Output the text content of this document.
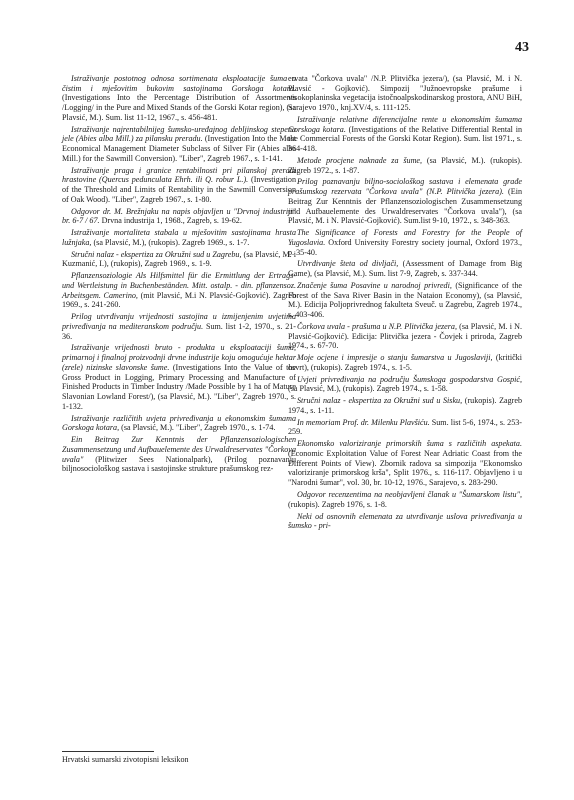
43

Istraživanje postotnog odnosa sortimenata eksploatacije šuma u čistim i mješovitim bukovim sastojinama Gorskoga kotara. (Investigations Into the Percentage Distribution of Assortments /Logging/ in the Pure and Mixed Stands of the Gorski Kotar region), (sa Plavsić, M.). Sum. list 11-12, 1967., s. 456-481.

Istraživanje najrentabilnijeg šumsko-uređajnog debljinskog stepena jele (Abies alba Mill.) za pilansku preradu. (Investigation Into the Most Economical Management Diameter Subclass of Silver Fir (Abies alba Mill.) for the Sawmill Conversion). "Liber", Zagreb 1967., s. 1-141.

Istraživanje praga i granice rentabilnosti pri pilanskoj preradi hrastovine (Quercus pedunculata Ehrh. ili Q. robur L.). (Investigation of the Threshold and Limits of Rentability in the Sawmill Conversion of Oak Wood). "Liber", Zagreb 1967., s. 1-80.

Odgovor dr. M. Brežnjaku na napis objavljen u "Drvnoj industriji" br. 6-7 / 67. Drvna industrija 1, 1968., Zagreb, s. 19-62.

Istraživanje mortaliteta stabala u mješovitim sastojinama hrasta lužnjaka, (sa Plavsić, M.), (rukopis). Zagreb 1969., s. 1-7.

Stručni nalaz - ekspertiza za Okružni sud u Zagrebu, (sa Plavsić, M. i Kuzmanić, I.), (rukopis), Zagreb 1969., s. 1-9.

Pflanzensoziologie Als Hilfsmittel für die Ermittlung der Ertrags- und Wertleistung in Buchenbeständen. Mitt. ostalp. - din. pflanzensoz. Arbeitsgem. Camerino, (mit Plavsić, M.i N. Plavsić-Gojković). Zagreb 1969., s. 241-260.

Prilog utvrđivanju vrijednosti sastojina u izmijenjenim uvjetima privređivanja na mediteranskom području. Sum. list 1-2, 1970., s. 21-36.

Istraživanje vrijednosti bruto - produkta u eksploataciji šuma, primarnoj i finalnoj proizvodnji drvne industrije koju omogućuje hektar (zrele) nizinske slavonske šume. (Investigations Into the Value of the Gross Product in Logging, Primary Processing and Manufacture of Finished Products in Timber Industry /Made Possible by 1 ha of Mature Slavonian Lowland Forest/), (sa Plavsić, M.). "Liber", Zagreb 1970., s. 1-132.

Istraživanje različitih uvjeta privređivanja u ekonomskim šumama Gorskoga kotara, (sa Plavsić, M.). "Liber", Zagreb 1970., s. 1-74.

Ein Beitrag Zur Kenntnis der Pflanzensoziologischen Zusammensetzung und Aufbauelemente des Urwaldreservates "Čorkova uvala" (Plitwizer Sees Nationalpark), (Prilog poznavanju biljnosociološkog sastava i sastojinske strukture prašumskog rez-

ervata "Čorkova uvala" /N.P. Plitvička jezera/), (sa Plavsić, M. i N. Plavsić - Gojković). Simpozij "Južnoevropske prašume i visokoplaninska vegetacija istočnoalpskodinarskog prostora, ANU BiH, Sarajevo 1970., knj.XV/4, s. 111-125.

Istraživanje relativne diferencijalne rente u ekonomskim šumama Gorskoga kotara. (Investigations of the Relative Differential Rental in the Commercial Forests of the Gorski Kotar Region). Sum. list 1971., s. 364-418.

Metode procjene naknade za šume, (sa Plavsić, M.). (rukopis). Zagreb 1972., s. 1-87.

Prilog poznavanju biljno-sociološkog sastava i elemenata građe prašumskog rezervata "Čorkova uvala" (N.P. Plitvička jezera). (Ein Beitrag Zur Kenntnis der Pflanzensoziologischen Zusammensetzung und Aufbauelemente des Urwaldreservates "Čorkova uvala"), (sa Plavsić, M. i N. Plavsić-Gojković). Sum.list 9-10, 1972., s. 348-363.

The Significance of Forests and Forestry for the People of Yugoslavia. Oxford University Forestry society journal, Oxford 1973., p. 35-40.

Utvrđivanje šteta od divljači, (Assessment of Damage from Big Game), (sa Plavsić, M.). Sum. list 7-9, Zagreb, s. 337-344.

Značenje šuma Posavine u narodnoj privredi, (Significance of the Forest of the Sava River Basin in the Nataion Economy), (sa Plavsić, M.). Edicija Poljoprivrednog fakulteta Sveuč. u Zagrebu, Zagreb 1974., s. 403-406.

Čorkova uvala - prašuma u N.P. Plitvička jezera, (sa Plavsić, M. i N. Plavsić-Gojković). Edicija: Plitvička jezera - Čovjek i priroda, Zagreb 1974., s. 67-70.

Moje ocjene i impresije o stanju šumarstva u Jugoslaviji, (kritički osvrt), (rukopis). Zagreb 1974., s. 1-5.

Uvjeti privređivanja na području Šumskoga gospodarstva Gospić, (sa Plavsić, M.), (rukopis). Zagreb 1974., s. 1-58.

Stručni nalaz - ekspertiza za Okružni sud u Sisku, (rukopis). Zagreb 1974., s. 1-11.

In memoriam Prof. dr. Milenku Plavšiću. Sum. list 5-6, 1974., s. 253-259.

Ekonomsko valoriziranje primorskih šuma s različitih aspekata. (Economic Exploitation Value of Forest Near Adriatic Coast from the Different Points of View). Zbornik radova sa simpozija "Ekonomsko valoriziranje primorskog krša", Split 1976., s. 116-117. Objavljeno i u "Narodni šumar", vol. 30, br. 10-12, 1976., Sarajevo, s. 283-290.

Odgovor recenzentima na neobjavljeni članak u "Šumarskom listu", (rukopis). Zagreb 1976, s. 1-8.

Neki od osnovnih elemenata za utvrđivanje uslova privređivanja u šumsko - pri-

Hrvatski sumarski zivotopisni leksikon
